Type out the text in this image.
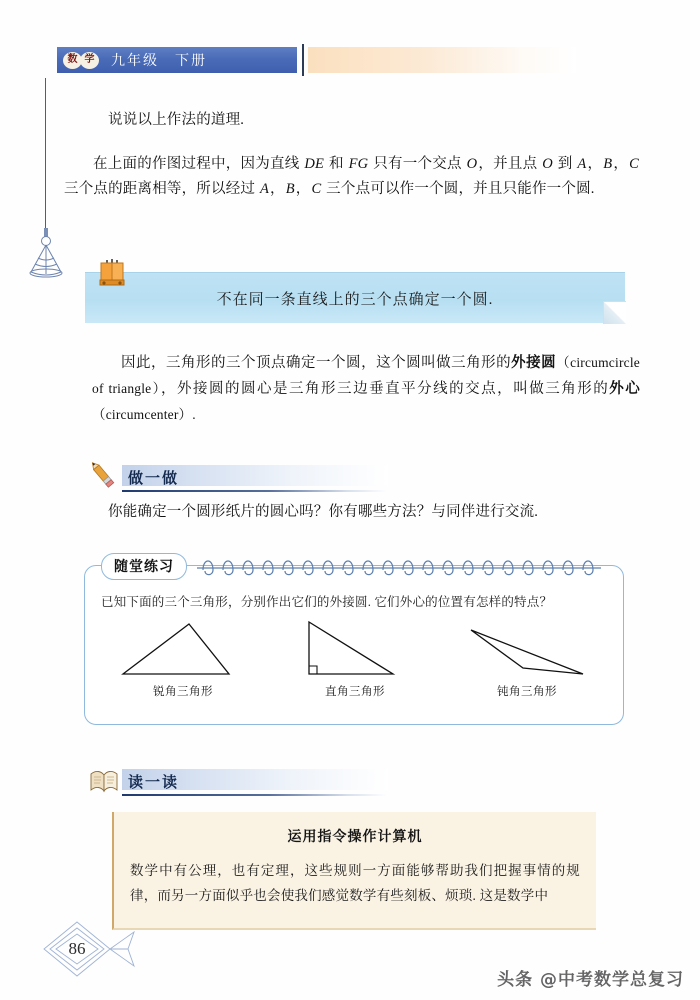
数 学	九年级　下册
说说以上作法的道理.
在上面的作图过程中，因为直线 DE 和 FG 只有一个交点 O，并且点 O 到 A，B，C 三个点的距离相等，所以经过 A，B，C 三个点可以作一个圆，并且只能作一个圆.
不在同一条直线上的三个点确定一个圆.
因此，三角形的三个顶点确定一个圆，这个圆叫做三角形的外接圆（circumcircle of triangle），外接圆的圆心是三角形三边垂直平分线的交点，叫做三角形的外心（circumcenter）.
做一做
你能确定一个圆形纸片的圆心吗？你有哪些方法？与同伴进行交流.
随堂练习
已知下面的三个三角形，分别作出它们的外接圆. 它们外心的位置有怎样的特点？
锐角三角形	直角三角形	钝角三角形
读一读
运用指令操作计算机
数学中有公理，也有定理，这些规则一方面能够帮助我们把握事情的规律，而另一方面似乎也会使我们感觉数学有些刻板、烦琐. 这是数学中
86
头条 @中考数学总复习
